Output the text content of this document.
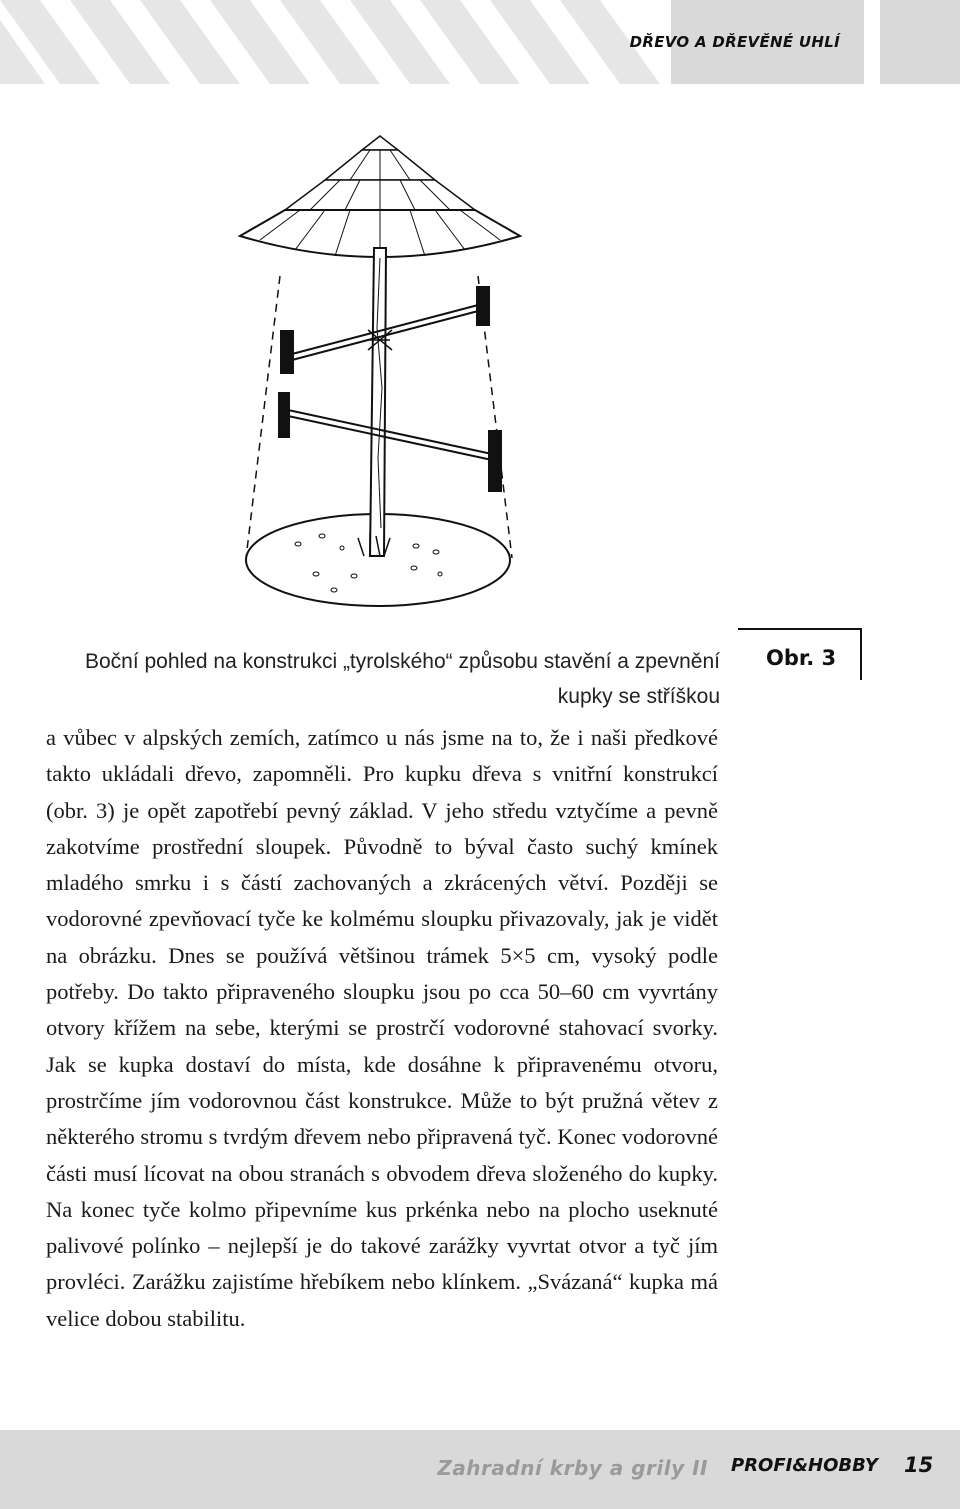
DŘEVO A DŘEVĚNÉ UHLÍ
Boční pohled na konstrukci „tyrolského“ způsobu stavění a zpevnění
kupky se stříškou
Obr. 3

a vůbec v alpských zemích, zatímco u nás jsme na to, že i naši předkové takto ukládali dřevo, zapomněli. Pro kupku dřeva s vnitřní konstrukcí (obr. 3) je opět zapotřebí pevný základ. V jeho středu vztyčíme a pevně zakotvíme prostřední sloupek. Původně to býval často suchý kmínek mladého smrku i s částí zachovaných a zkrácených větví. Později se vodorovné zpevňovací tyče ke kolmému sloupku přivazovaly, jak je vidět na obrázku. Dnes se používá většinou trámek 5×5 cm, vysoký podle potřeby. Do takto připraveného sloupku jsou po cca 50–60 cm vyvrtány otvory křížem na sebe, kterými se prostrčí vodorovné stahovací svorky. Jak se kupka dostaví do místa, kde dosáhne k připravenému otvoru, prostrčíme jím vodorovnou část konstrukce. Může to být pružná větev z některého stromu s tvrdým dřevem nebo připravená tyč. Konec vodorovné části musí lícovat na obou stranách s obvodem dřeva složeného do kupky. Na konec tyče kolmo připevníme kus prkénka nebo na plocho useknuté palivové polínko – nejlepší je do takové zarážky vyvrtat otvor a tyč jím provléci. Zarážku zajistíme hřebíkem nebo klínkem. „Svázaná“ kupka má velice dobou stabilitu.

Zahradní krby a grily II PROFI&HOBBY 15
